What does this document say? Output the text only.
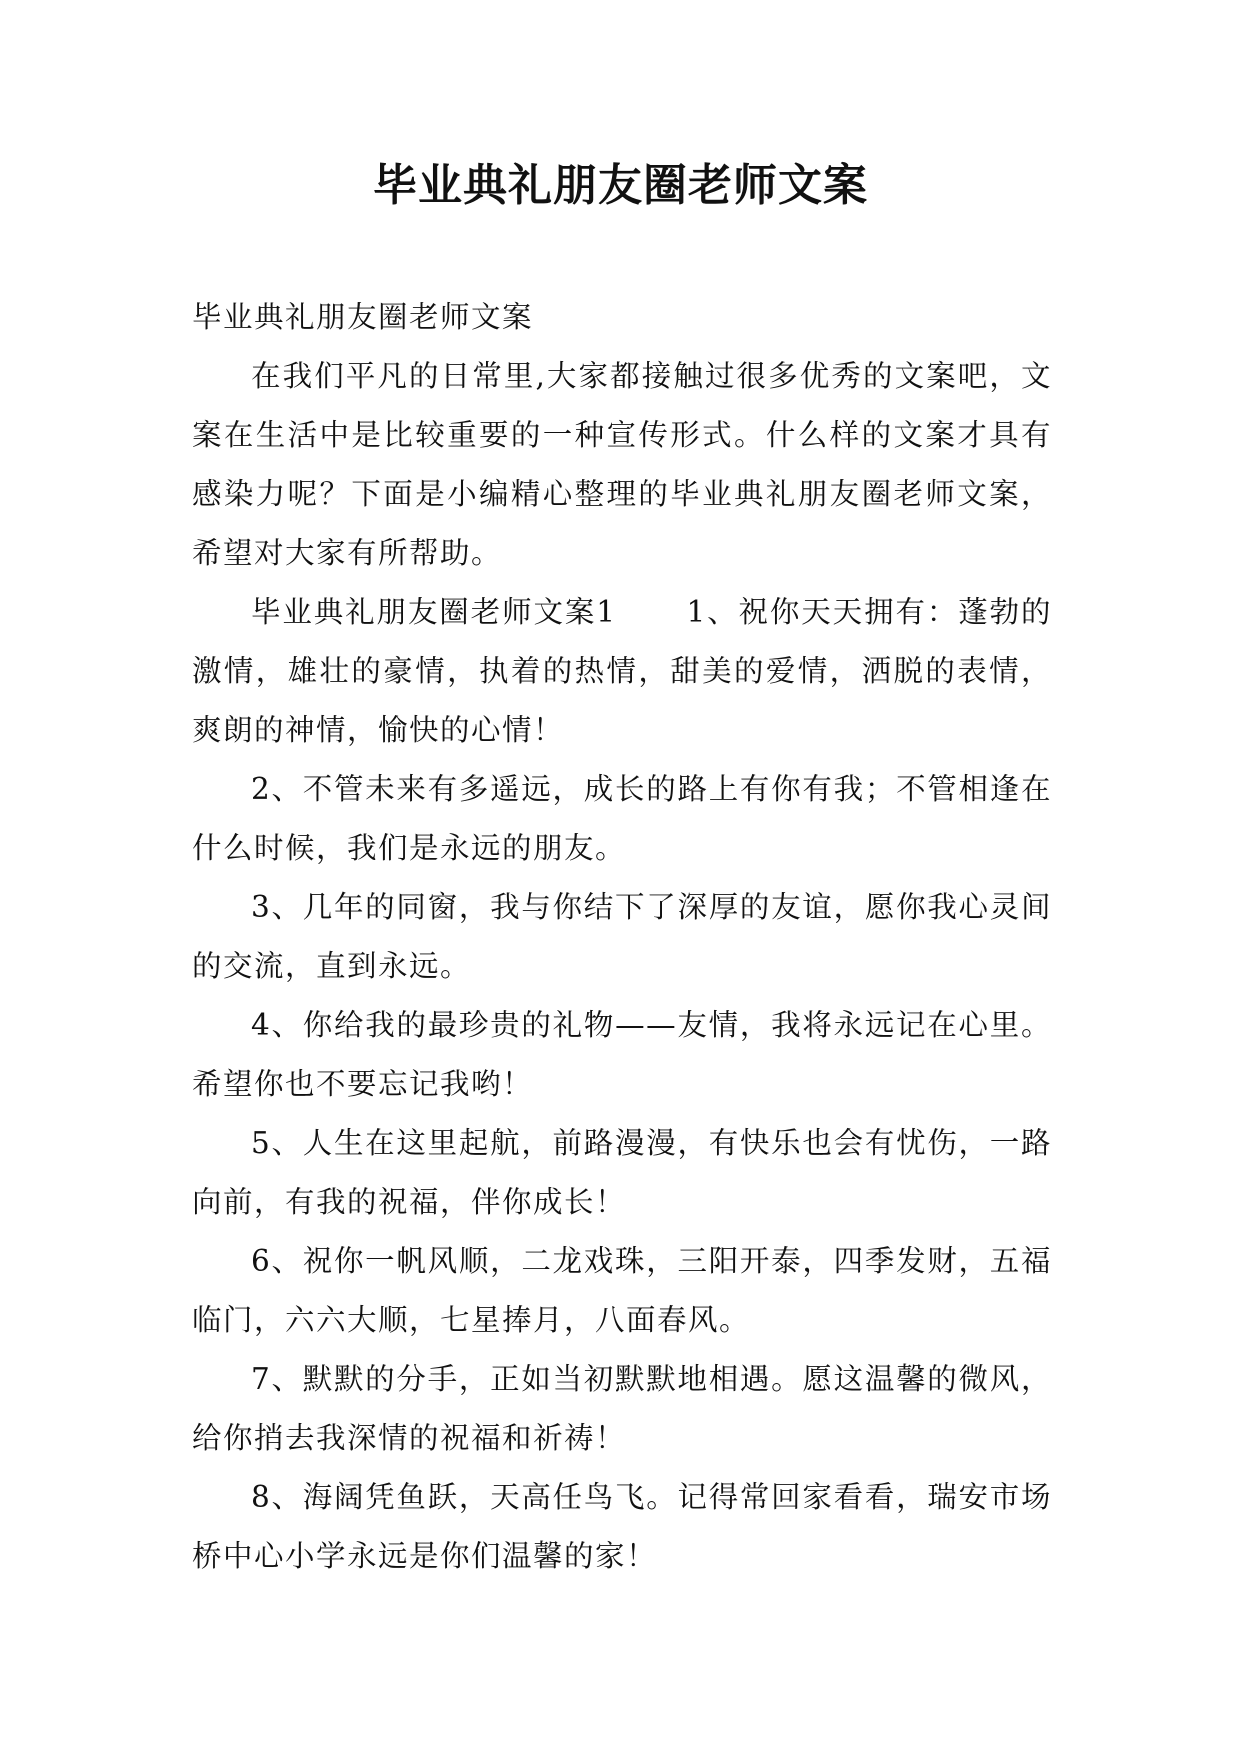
毕业典礼朋友圈老师文案

毕业典礼朋友圈老师文案

在我们平凡的日常里,大家都接触过很多优秀的文案吧，文案在生活中是比较重要的一种宣传形式。什么样的文案才具有感染力呢？下面是小编精心整理的毕业典礼朋友圈老师文案，希望对大家有所帮助。

毕业典礼朋友圈老师文案1 1、祝你天天拥有：蓬勃的激情，雄壮的豪情，执着的热情，甜美的爱情，洒脱的表情，爽朗的神情，愉快的心情！

2、不管未来有多遥远，成长的路上有你有我；不管相逢在什么时候，我们是永远的朋友。

3、几年的同窗，我与你结下了深厚的友谊，愿你我心灵间的交流，直到永远。

4、你给我的最珍贵的礼物——友情，我将永远记在心里。希望你也不要忘记我哟！

5、人生在这里起航，前路漫漫，有快乐也会有忧伤，一路向前，有我的祝福，伴你成长！

6、祝你一帆风顺，二龙戏珠，三阳开泰，四季发财，五福临门，六六大顺，七星捧月，八面春风。

7、默默的分手，正如当初默默地相遇。愿这温馨的微风，给你捎去我深情的祝福和祈祷！

8、海阔凭鱼跃，天高任鸟飞。记得常回家看看，瑞安市场桥中心小学永远是你们温馨的家！
